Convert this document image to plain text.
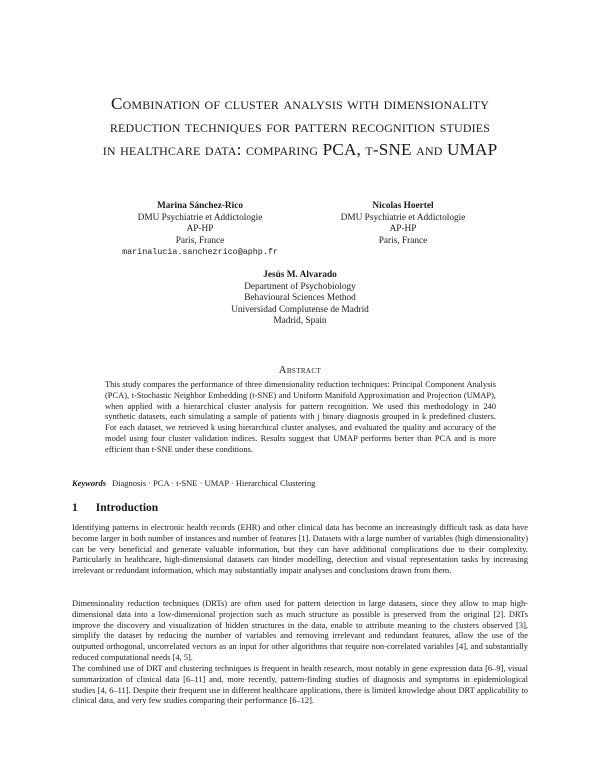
Combination of cluster analysis with dimensionality
reduction techniques for pattern recognition studies
in healthcare data: comparing PCA, t-SNE and UMAP
Marina Sánchez-Rico
DMU Psychiatrie et Addictologie
AP-HP
Paris, France
marinalucia.sanchezrico@aphp.fr
Nicolas Hoertel
DMU Psychiatrie et Addictologie
AP-HP
Paris, France
Jesús M. Alvarado
Department of Psychobiology
Behavioural Sciences Method
Universidad Complutense de Madrid
Madrid, Spain
Abstract
This study compares the performance of three dimensionality reduction techniques: Principal Component Analysis (PCA), t-Stochastic Neighbor Embedding (t-SNE) and Uniform Manifold Approximation and Projection (UMAP), when applied with a hierarchical cluster analysis for pattern recognition. We used this methodology in 240 synthetic datasets, each simulating a sample of patients with j binary diagnosis grouped in k predefined clusters. For each dataset, we retrieved k using hierarchical cluster analyses, and evaluated the quality and accuracy of the model using four cluster validation indices. Results suggest that UMAP performs better than PCA and is more efficient than t-SNE under these conditions.
Keywords Diagnosis · PCA · t-SNE · UMAP · Hierarchical Clustering
1 Introduction

Identifying patterns in electronic health records (EHR) and other clinical data has become an increasingly difficult task as data have become larger in both number of instances and number of features [1]. Datasets with a large number of variables (high dimensionality) can be very beneficial and generate valuable information, but they can have additional complications due to their complexity. Particularly in healthcare, high-dimensional datasets can hinder modelling, detection and visual representation tasks by increasing irrelevant or redundant information, which may substantially impair analyses and conclusions drawn from them.

Dimensionality reduction techniques (DRTs) are often used for pattern detection in large datasets, since they allow to map high-dimensional data into a low-dimensional projection such as much structure as possible is preserved from the original [2]. DRTs improve the discovery and visualization of hidden structures in the data, enable to attribute meaning to the clusters observed [3], simplify the dataset by reducing the number of variables and removing irrelevant and redundant features, allow the use of the outputted orthogonal, uncorrelated vectors as an input for other algorithms that require non-correlated variables [4], and substantially reduced computational needs [4, 5].

The combined use of DRT and clustering techniques is frequent in health research, most notably in gene expression data [6–9], visual summarization of clinical data [6–11] and, more recently, pattern-finding studies of diagnosis and symptoms in epidemiological studies [4, 6–11]. Despite their frequent use in different healthcare applications, there is limited knowledge about DRT applicability to clinical data, and very few studies comparing their performance [6–12].
